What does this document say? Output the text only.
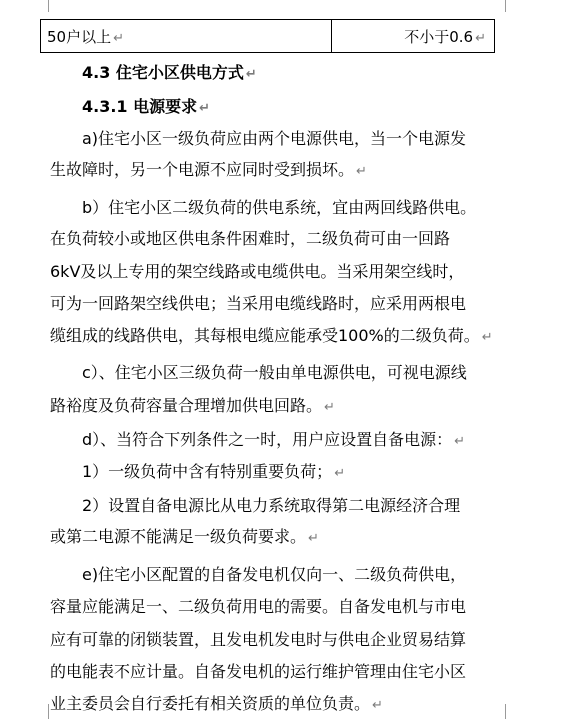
50户以上 ↵	不小于0.6 ↵
4.3 住宅小区供电方式 ↵
4.3.1 电源要求 ↵
a)住宅小区一级负荷应由两个电源供电，当一个电源发
生故障时，另一个电源不应同时受到损坏。 ↵
b）住宅小区二级负荷的供电系统，宜由两回线路供电。
在负荷较小或地区供电条件困难时，二级负荷可由一回路
6kV及以上专用的架空线路或电缆供电。当采用架空线时，
可为一回路架空线供电；当采用电缆线路时，应采用两根电
缆组成的线路供电，其每根电缆应能承受100%的二级负荷。 ↵
c）、住宅小区三级负荷一般由单电源供电，可视电源线
路裕度及负荷容量合理增加供电回路。 ↵
d）、当符合下列条件之一时，用户应设置自备电源： ↵
1）一级负荷中含有特别重要负荷； ↵
2）设置自备电源比从电力系统取得第二电源经济合理
或第二电源不能满足一级负荷要求。 ↵
e)住宅小区配置的自备发电机仅向一、二级负荷供电，
容量应能满足一、二级负荷用电的需要。自备发电机与市电
应有可靠的闭锁装置，且发电机发电时与供电企业贸易结算
的电能表不应计量。自备发电机的运行维护管理由住宅小区
业主委员会自行委托有相关资质的单位负责。 ↵
